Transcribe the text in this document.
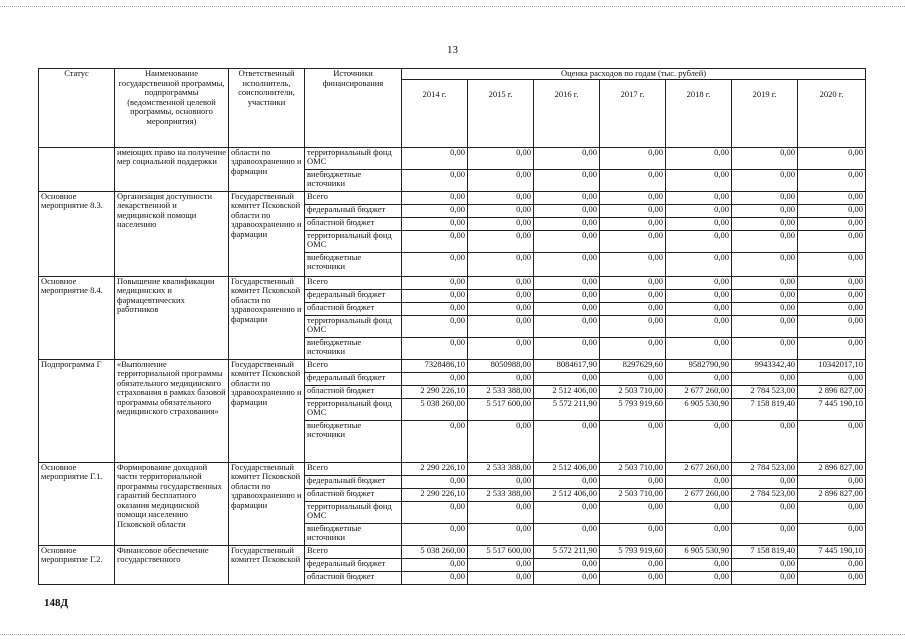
13
Статус	Наименование государственной программы, подпрограммы (ведомственной целевой программы, основного мероприятия)	Ответственный исполнитель, соисполнители, участники	Источники финансирования	Оценка расходов по годам (тыс. рублей)						
				2014 г.	2015 г.	2016 г.	2017 г.	2018 г.	2019 г.	2020 г.
	имеющих право на получение мер социальной поддержки	области по здравоохранению и фармации	территориальный фонд ОМС	0,00	0,00	0,00	0,00	0,00	0,00	0,00
			внебюджетные источники	0,00	0,00	0,00	0,00	0,00	0,00	0,00
Основное мероприятие 8.3.	Организация доступности лекарственной и медицинской помощи населению	Государственный комитет Псковской области по здравоохранению и фармации	Всего	0,00	0,00	0,00	0,00	0,00	0,00	0,00
			федеральный бюджет	0,00	0,00	0,00	0,00	0,00	0,00	0,00
			областной бюджет	0,00	0,00	0,00	0,00	0,00	0,00	0,00
			территориальный фонд ОМС	0,00	0,00	0,00	0,00	0,00	0,00	0,00
			внебюджетные источники	0,00	0,00	0,00	0,00	0,00	0,00	0,00
Основное мероприятие 8.4.	Повышение квалификации медицинских и фармацевтических работников	Государственный комитет Псковской области по здравоохранению и фармации	Всего	0,00	0,00	0,00	0,00	0,00	0,00	0,00
			федеральный бюджет	0,00	0,00	0,00	0,00	0,00	0,00	0,00
			областной бюджет	0,00	0,00	0,00	0,00	0,00	0,00	0,00
			территориальный фонд ОМС	0,00	0,00	0,00	0,00	0,00	0,00	0,00
			внебюджетные источники	0,00	0,00	0,00	0,00	0,00	0,00	0,00
Подпрограмма Г	«Выполнение территориальной программы обязательного медицинского страхования в рамках базовой программы обязательного медицинского страхования»	Государственный комитет Псковской области по здравоохранению и фармации	Всего	7328486,10	8050988,00	8084617,90	8297629,60	9582790,90	9943342,40	10342017,10
			федеральный бюджет	0,00	0,00	0,00	0,00	0,00	0,00	0,00
			областной бюджет	2 290 226,10	2 533 388,00	2 512 406,00	2 503 710,00	2 677 260,00	2 784 523,00	2 896 827,00
			территориальный фонд ОМС	5 038 260,00	5 517 600,00	5 572 211,90	5 793 919,60	6 905 530,90	7 158 819,40	7 445 190,10
			внебюджетные источники	0,00	0,00	0,00	0,00	0,00	0,00	0,00
Основное мероприятие Г.1.	Формирование доходной части территориальной программы государственных гарантий бесплатного оказания медицинской помощи населению Псковской области	Государственный комитет Псковской области по здравоохранению и фармации	Всего	2 290 226,10	2 533 388,00	2 512 406,00	2 503 710,00	2 677 260,00	2 784 523,00	2 896 827,00
			федеральный бюджет	0,00	0,00	0,00	0,00	0,00	0,00	0,00
			областной бюджет	2 290 226,10	2 533 388,00	2 512 406,00	2 503 710,00	2 677 260,00	2 784 523,00	2 896 827,00
			территориальный фонд ОМС	0,00	0,00	0,00	0,00	0,00	0,00	0,00
			внебюджетные источники	0,00	0,00	0,00	0,00	0,00	0,00	0,00
Основное мероприятие Г.2.	Финансовое обеспечение государственного	Государственный комитет Псковской	Всего	5 038 260,00	5 517 600,00	5 572 211,90	5 793 919,60	6 905 530,90	7 158 819,40	7 445 190,10
			федеральный бюджет	0,00	0,00	0,00	0,00	0,00	0,00	0,00
			областной бюджет	0,00	0,00	0,00	0,00	0,00	0,00	0,00
148Д
